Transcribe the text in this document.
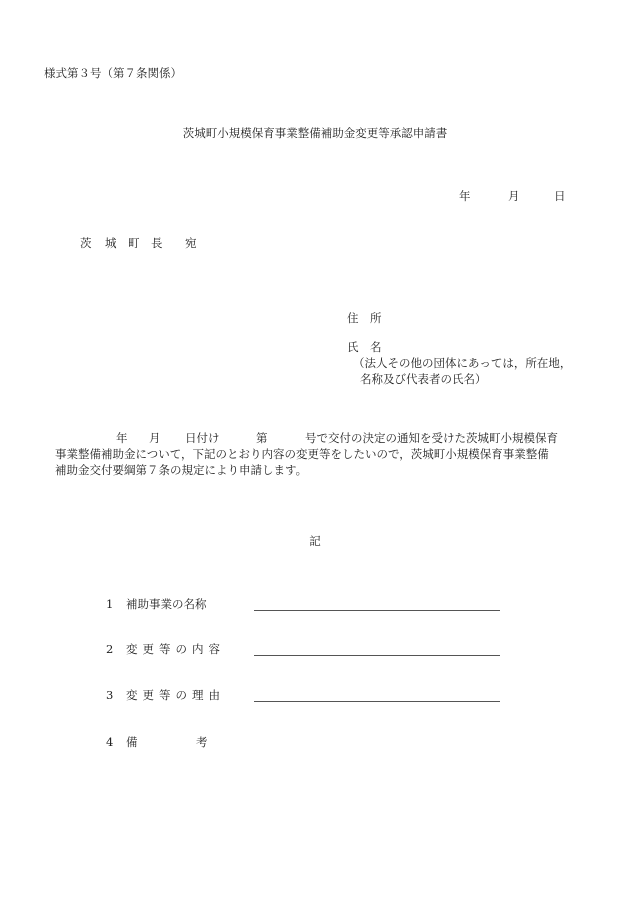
様式第３号（第７条関係）
茨城町小規模保育事業整備補助金変更等承認申請書
年	月	日
茨 城 町 長 宛
住　所
氏　名
（法人その他の団体にあっては，所在地，
名称及び代表者の氏名）
年 月 日付け	第	号で交付の決定の通知を受けた茨城町小規模保育
事業整備補助金について，下記のとおり内容の変更等をしたいので，茨城町小規模保育事業整備
補助金交付要綱第７条の規定により申請します。
記
1 補助事業の名称
2 変更等の内容
3 変更等の理由
4 備	考
